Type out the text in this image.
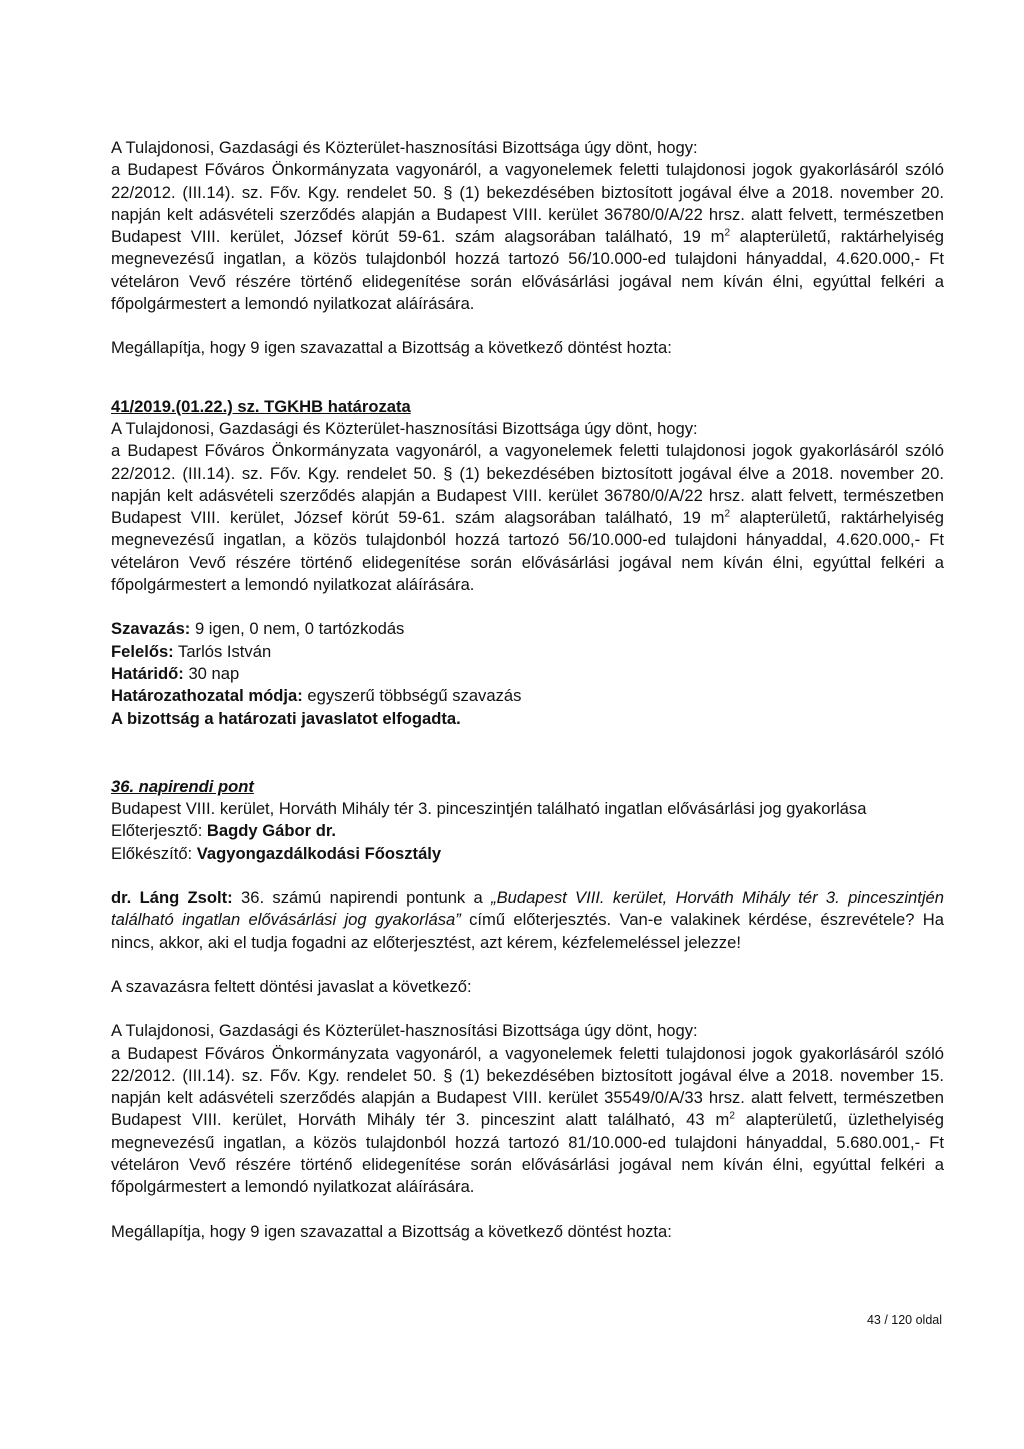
A Tulajdonosi, Gazdasági és Közterület-hasznosítási Bizottsága úgy dönt, hogy:

a Budapest Főváros Önkormányzata vagyonáról, a vagyonelemek feletti tulajdonosi jogok gyakorlásáról szóló 22/2012. (III.14). sz. Főv. Kgy. rendelet 50. § (1) bekezdésében biztosított jogával élve a 2018. november 20. napján kelt adásvételi szerződés alapján a Budapest VIII. kerület 36780/0/A/22 hrsz. alatt felvett, természetben Budapest VIII. kerület, József körút 59-61. szám alagsorában található, 19 $m^2$ alapterületű, raktárhelyiség megnevezésű ingatlan, a közös tulajdonból hozzá tartozó 56/10.000-ed tulajdoni hányaddal, 4.620.000,- Ft vételáron Vevő részére történő elidegenítése során elővásárlási jogával nem kíván élni, egyúttal felkéri a főpolgármestert a lemondó nyilatkozat aláírására.

Megállapítja, hogy 9 igen szavazattal a Bizottság a következő döntést hozta:

41/2019.(01.22.) sz. TGKHB határozata

A Tulajdonosi, Gazdasági és Közterület-hasznosítási Bizottsága úgy dönt, hogy:

a Budapest Főváros Önkormányzata vagyonáról, a vagyonelemek feletti tulajdonosi jogok gyakorlásáról szóló 22/2012. (III.14). sz. Főv. Kgy. rendelet 50. § (1) bekezdésében biztosított jogával élve a 2018. november 20. napján kelt adásvételi szerződés alapján a Budapest VIII. kerület 36780/0/A/22 hrsz. alatt felvett, természetben Budapest VIII. kerület, József körút 59-61. szám alagsorában található, 19 $m^2$ alapterületű, raktárhelyiség megnevezésű ingatlan, a közös tulajdonból hozzá tartozó 56/10.000-ed tulajdoni hányaddal, 4.620.000,- Ft vételáron Vevő részére történő elidegenítése során elővásárlási jogával nem kíván élni, egyúttal felkéri a főpolgármestert a lemondó nyilatkozat aláírására.

Szavazás: 9 igen, 0 nem, 0 tartózkodás

Felelős: Tarlós István

Határidő: 30 nap

Határozathozatal módja: egyszerű többségű szavazás

A bizottság a határozati javaslatot elfogadta.

36. napirendi pont

Budapest VIII. kerület, Horváth Mihály tér 3. pinceszintjén található ingatlan elővásárlási jog gyakorlása

Előterjesztő: Bagdy Gábor dr.

Előkészítő: Vagyongazdálkodási Főosztály

dr. Láng Zsolt: 36. számú napirendi pontunk a „Budapest VIII. kerület, Horváth Mihály tér 3. pinceszintjén található ingatlan elővásárlási jog gyakorlása” című előterjesztés. Van-e valakinek kérdése, észrevétele? Ha nincs, akkor, aki el tudja fogadni az előterjesztést, azt kérem, kézfelemeléssel jelezze!

A szavazásra feltett döntési javaslat a következő:

A Tulajdonosi, Gazdasági és Közterület-hasznosítási Bizottsága úgy dönt, hogy:

a Budapest Főváros Önkormányzata vagyonáról, a vagyonelemek feletti tulajdonosi jogok gyakorlásáról szóló 22/2012. (III.14). sz. Főv. Kgy. rendelet 50. § (1) bekezdésében biztosított jogával élve a 2018. november 15. napján kelt adásvételi szerződés alapján a Budapest VIII. kerület 35549/0/A/33 hrsz. alatt felvett, természetben Budapest VIII. kerület, Horváth Mihály tér 3. pinceszint alatt található, 43 $m^2$ alapterületű, üzlethelyiség megnevezésű ingatlan, a közös tulajdonból hozzá tartozó 81/10.000-ed tulajdoni hányaddal, 5.680.001,- Ft vételáron Vevő részére történő elidegenítése során elővásárlási jogával nem kíván élni, egyúttal felkéri a főpolgármestert a lemondó nyilatkozat aláírására.

Megállapítja, hogy 9 igen szavazattal a Bizottság a következő döntést hozta:

43 / 120 oldal
